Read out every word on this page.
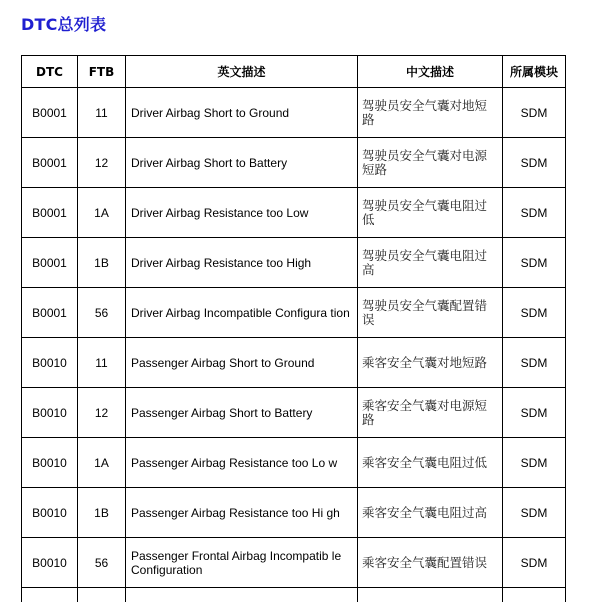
DTC总列表
DTC	FTB	英文描述	中文描述	所属模块
B0001	11	Driver Airbag Short to Ground	驾驶员安全气囊对地短路	SDM
B0001	12	Driver Airbag Short to Battery	驾驶员安全气囊对电源短路	SDM
B0001	1A	Driver Airbag Resistance too Low	驾驶员安全气囊电阻过低	SDM
B0001	1B	Driver Airbag Resistance too High	驾驶员安全气囊电阻过高	SDM
B0001	56	Driver Airbag Incompatible Configura tion	驾驶员安全气囊配置错误	SDM
B0010	11	Passenger Airbag Short to Ground	乘客安全气囊对地短路	SDM
B0010	12	Passenger Airbag Short to Battery	乘客安全气囊对电源短路	SDM
B0010	1A	Passenger Airbag Resistance too Lo w	乘客安全气囊电阻过低	SDM
B0010	1B	Passenger Airbag Resistance too Hi gh	乘客安全气囊电阻过高	SDM
B0010	56	Passenger Frontal Airbag Incompatib le Configuration	乘客安全气囊配置错误	SDM
